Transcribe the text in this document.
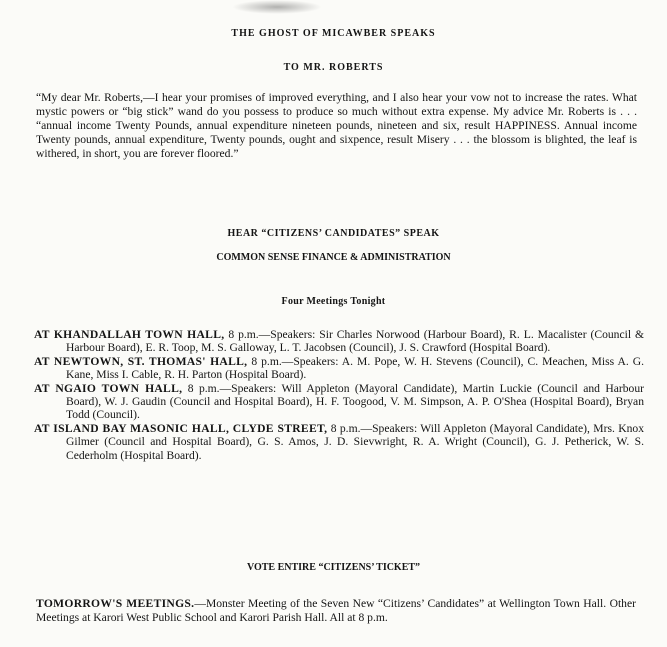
THE GHOST OF MICAWBER SPEAKS
TO MR. ROBERTS

“My dear Mr. Roberts,—I hear your promises of improved everything, and I also hear your vow not to increase the rates. What mystic powers or “big stick” wand do you possess to produce so much without extra expense. My advice Mr. Roberts is . . . “annual income Twenty Pounds, annual expenditure nineteen pounds, nineteen and six, result HAPPINESS. Annual income Twenty pounds, annual expenditure, Twenty pounds, ought and sixpence, result Misery . . . the blossom is blighted, the leaf is withered, in short, you are forever floored.”

HEAR “CITIZENS’ CANDIDATES” SPEAK
COMMON SENSE FINANCE & ADMINISTRATION
Four Meetings Tonight

AT KHANDALLAH TOWN HALL, 8 p.m.—Speakers: Sir Charles Norwood (Harbour Board), R. L. Macalister (Council & Harbour Board), E. R. Toop, M. S. Galloway, L. T. Jacobsen (Council), J. S. Crawford (Hospital Board).

AT NEWTOWN, ST. THOMAS' HALL, 8 p.m.—Speakers: A. M. Pope, W. H. Stevens (Council), C. Meachen, Miss A. G. Kane, Miss I. Cable, R. H. Parton (Hospital Board).

AT NGAIO TOWN HALL, 8 p.m.—Speakers: Will Appleton (Mayoral Candidate), Martin Luckie (Council and Harbour Board), W. J. Gaudin (Council and Hospital Board), H. F. Toogood, V. M. Simpson, A. P. O'Shea (Hospital Board), Bryan Todd (Council).

AT ISLAND BAY MASONIC HALL, CLYDE STREET, 8 p.m.—Speakers: Will Appleton (Mayoral Candidate), Mrs. Knox Gilmer (Council and Hospital Board), G. S. Amos, J. D. Sievwright, R. A. Wright (Council), G. J. Petherick, W. S. Cederholm (Hospital Board).

VOTE ENTIRE “CITIZENS’ TICKET”
TOMORROW'S MEETINGS.—Monster Meeting of the Seven New “Citizens’ Candidates” at Wellington Town Hall. Other Meetings at Karori West Public School and Karori Parish Hall. All at 8 p.m.
